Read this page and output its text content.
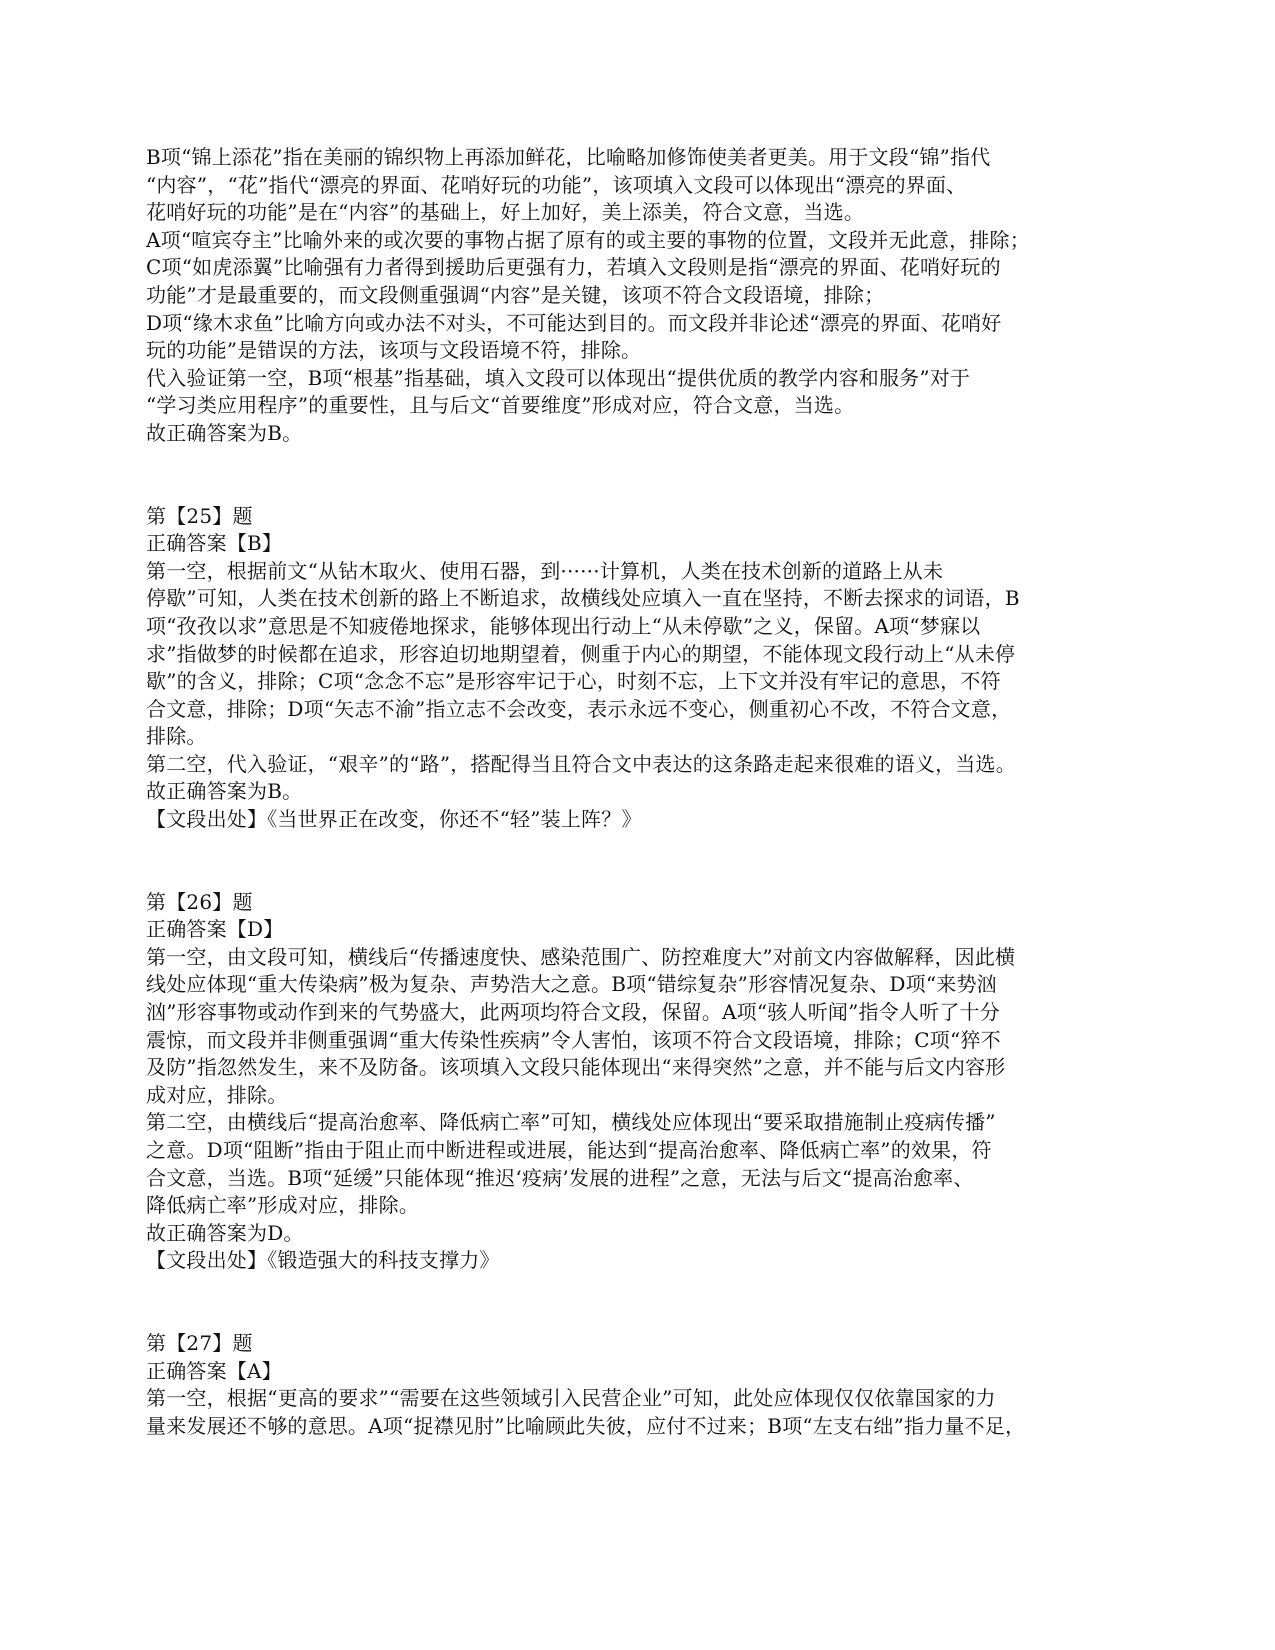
B项“锦上添花”指在美丽的锦织物上再添加鲜花，比喻略加修饰使美者更美。用于文段“锦”指代
“内容”，“花”指代“漂亮的界面、花哨好玩的功能”，该项填入文段可以体现出“漂亮的界面、
花哨好玩的功能”是在“内容”的基础上，好上加好，美上添美，符合文意，当选。
A项“喧宾夺主”比喻外来的或次要的事物占据了原有的或主要的事物的位置，文段并无此意，排除；
C项“如虎添翼”比喻强有力者得到援助后更强有力，若填入文段则是指“漂亮的界面、花哨好玩的
功能”才是最重要的，而文段侧重强调“内容”是关键，该项不符合文段语境，排除；
D项“缘木求鱼”比喻方向或办法不对头，不可能达到目的。而文段并非论述“漂亮的界面、花哨好
玩的功能”是错误的方法，该项与文段语境不符，排除。
代入验证第一空，B项“根基”指基础，填入文段可以体现出“提供优质的教学内容和服务”对于
“学习类应用程序”的重要性，且与后文“首要维度”形成对应，符合文意，当选。
故正确答案为B。
第【25】题
正确答案【B】
第一空，根据前文“从钻木取火、使用石器，到······计算机，人类在技术创新的道路上从未
停歇”可知，人类在技术创新的路上不断追求，故横线处应填入一直在坚持，不断去探求的词语，B
项“孜孜以求”意思是不知疲倦地探求，能够体现出行动上“从未停歇”之义，保留。A项“梦寐以
求”指做梦的时候都在追求，形容迫切地期望着，侧重于内心的期望，不能体现文段行动上“从未停
歇”的含义，排除；C项“念念不忘”是形容牢记于心，时刻不忘，上下文并没有牢记的意思，不符
合文意，排除；D项“矢志不渝”指立志不会改变，表示永远不变心，侧重初心不改，不符合文意，
排除。
第二空，代入验证，“艰辛”的“路”，搭配得当且符合文中表达的这条路走起来很难的语义，当选。
故正确答案为B。
【文段出处】《当世界正在改变，你还不“轻”装上阵？》
第【26】题
正确答案【D】
第一空，由文段可知，横线后“传播速度快、感染范围广、防控难度大”对前文内容做解释，因此横
线处应体现“重大传染病”极为复杂、声势浩大之意。B项“错综复杂”形容情况复杂、D项“来势汹
汹”形容事物或动作到来的气势盛大，此两项均符合文段，保留。A项“骇人听闻”指令人听了十分
震惊，而文段并非侧重强调“重大传染性疾病”令人害怕，该项不符合文段语境，排除；C项“猝不
及防”指忽然发生，来不及防备。该项填入文段只能体现出“来得突然”之意，并不能与后文内容形
成对应，排除。
第二空，由横线后“提高治愈率、降低病亡率”可知，横线处应体现出“要采取措施制止疫病传播”
之意。D项“阻断”指由于阻止而中断进程或进展，能达到“提高治愈率、降低病亡率”的效果，符
合文意，当选。B项“延缓”只能体现“推迟‘疫病’发展的进程”之意，无法与后文“提高治愈率、
降低病亡率”形成对应，排除。
故正确答案为D。
【文段出处】《锻造强大的科技支撑力》
第【27】题
正确答案【A】
第一空，根据“更高的要求”“需要在这些领域引入民营企业”可知，此处应体现仅仅依靠国家的力
量来发展还不够的意思。A项“捉襟见肘”比喻顾此失彼，应付不过来；B项“左支右绌”指力量不足，
